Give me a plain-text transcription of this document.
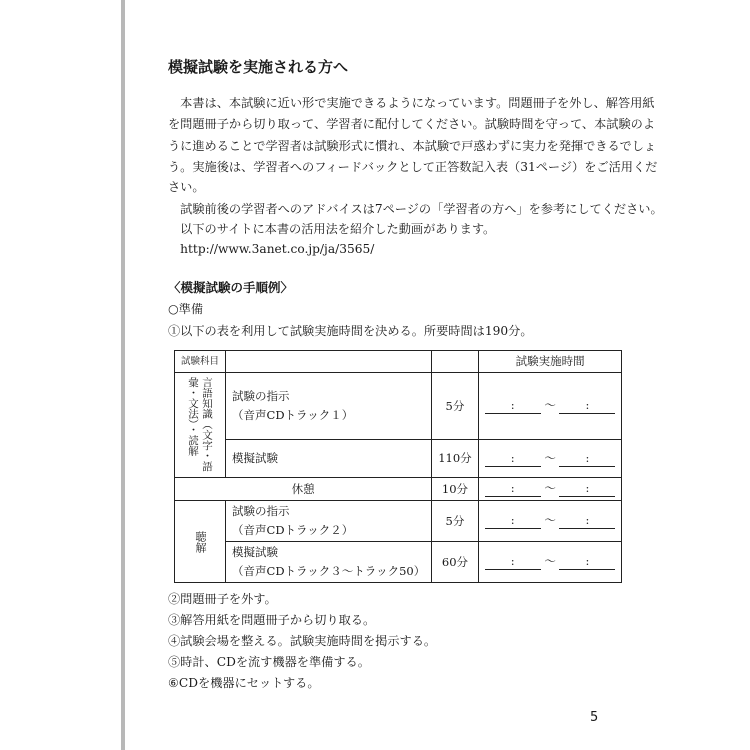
模擬試験を実施される方へ
　本書は、本試験に近い形で実施できるようになっています。問題冊子を外し、解答用紙
を問題冊子から切り取って、学習者に配付してください。試験時間を守って、本試験のよ
うに進めることで学習者は試験形式に慣れ、本試験で戸惑わずに実力を発揮できるでしょ
う。実施後は、学習者へのフィードバックとして正答数記入表（31ページ）をご活用くだ
さい。
　試験前後の学習者へのアドバイスは7ページの「学習者の方へ」を参考にしてください。
　以下のサイトに本書の活用法を紹介した動画があります。
　http://www.3anet.co.jp/ja/3565/
〈模擬試験の手順例〉
○準備
①以下の表を利用して試験実施時間を決める。所要時間は190分。
試験科目			試験実施時間
言語知識（文字・語彙・文法）・読解	試験の指示
（音声CDトラック１）	5分	: ～ :
	模擬試験	110分	: ～ :
休憩		10分	: ～ :

聴解	試験の指示
（音声CDトラック２）	5分	: ～ :

	模擬試験
（音声CDトラック３～トラック50）	60分	: ～ :
②問題冊子を外す。
③解答用紙を問題冊子から切り取る。
④試験会場を整える。試験実施時間を掲示する。
⑤時計、CDを流す機器を準備する。
⑥CDを機器にセットする。
5
